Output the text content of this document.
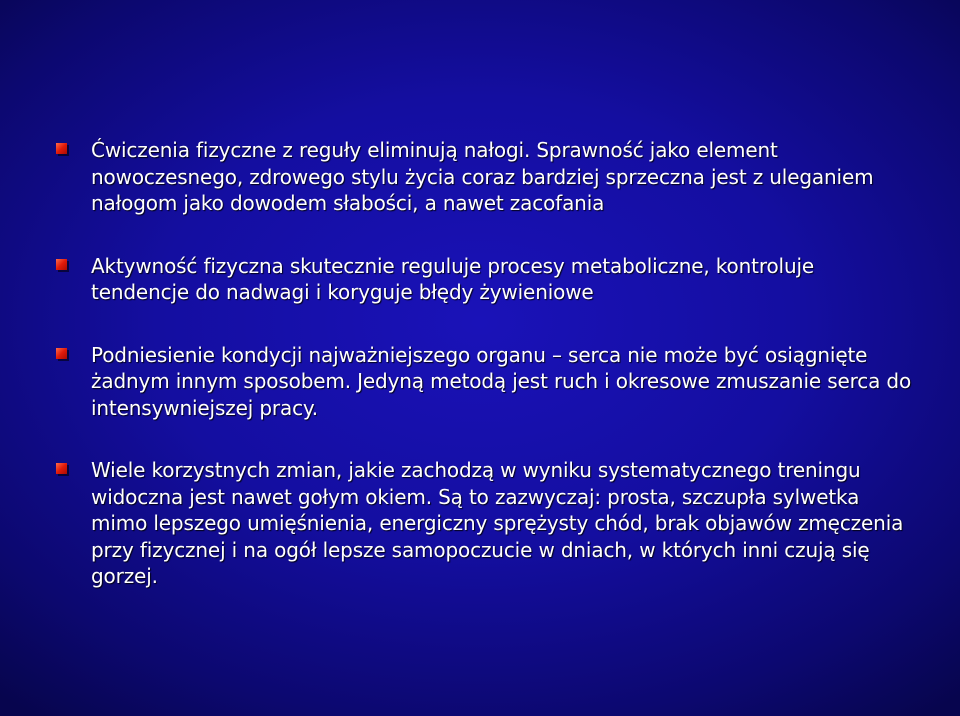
Ćwiczenia fizyczne z reguły eliminują nałogi. Sprawność jako element nowoczesnego, zdrowego stylu życia coraz bardziej sprzeczna jest z uleganiem nałogom jako dowodem słabości, a nawet zacofania
Aktywność fizyczna skutecznie reguluje procesy metaboliczne, kontroluje tendencje do nadwagi i koryguje błędy żywieniowe
Podniesienie kondycji najważniejszego organu – serca nie może być osiągnięte żadnym innym sposobem. Jedyną metodą jest ruch i okresowe zmuszanie serca do intensywniejszej pracy.
Wiele korzystnych zmian, jakie zachodzą w wyniku systematycznego treningu widoczna jest nawet gołym okiem. Są to zazwyczaj: prosta, szczupła sylwetka mimo lepszego umięśnienia, energiczny sprężysty chód, brak objawów zmęczenia przy fizycznej i na ogół lepsze samopoczucie w dniach, w których inni czują się gorzej.
